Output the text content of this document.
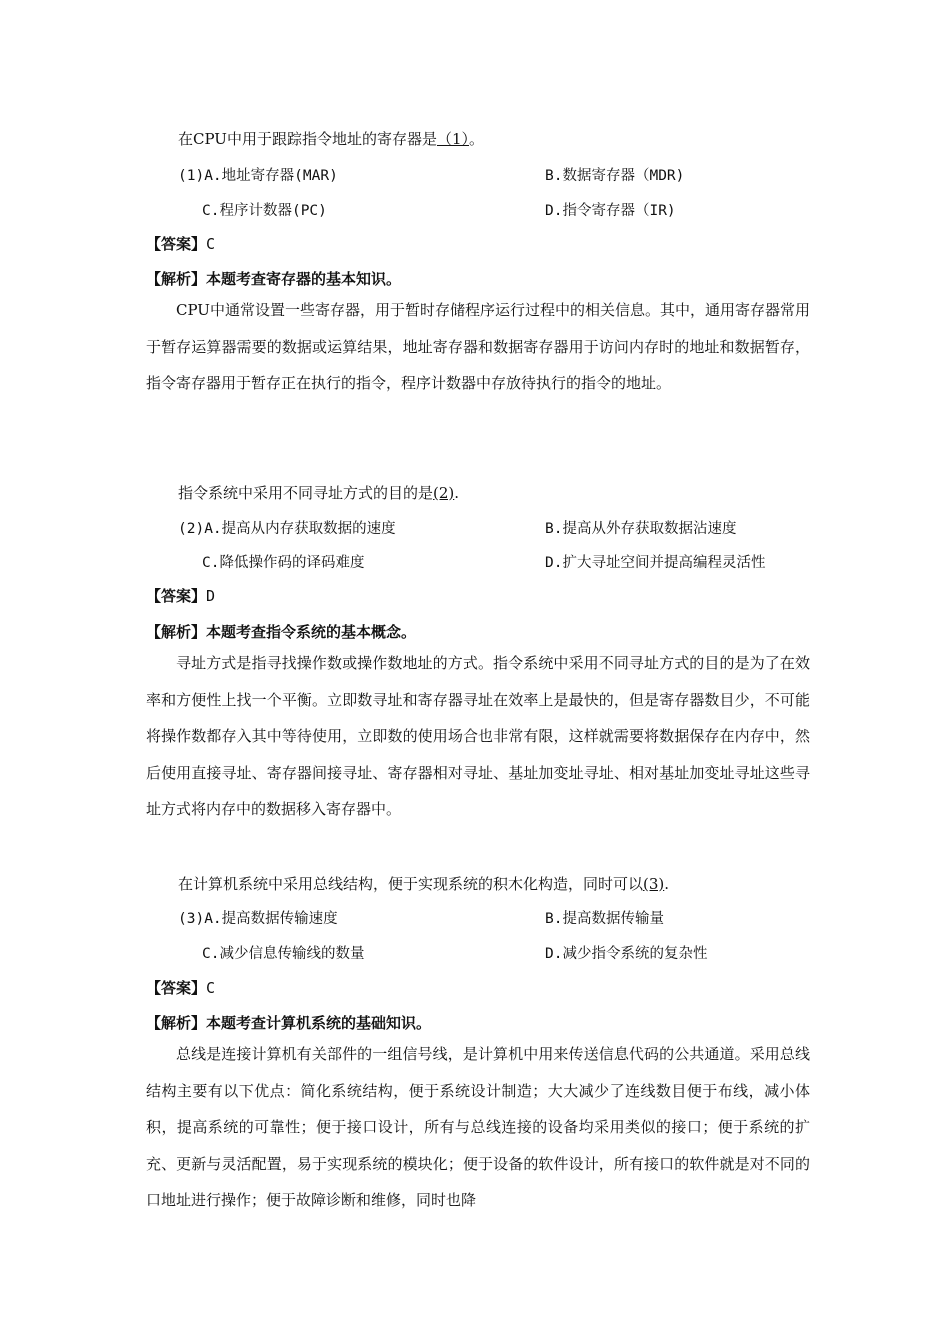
在CPU中用于跟踪指令地址的寄存器是（1）。
(1)A.地址寄存器(MAR)	B.数据寄存器（MDR)
C.程序计数器(PC)	D.指令寄存器（IR)
【答案】C
【解析】本题考查寄存器的基本知识。

CPU中通常设置一些寄存器，用于暂时存储程序运行过程中的相关信息。其中，通用寄存器常用于暂存运算器需要的数据或运算结果，地址寄存器和数据寄存器用于访问内存时的地址和数据暂存，指令寄存器用于暂存正在执行的指令，程序计数器中存放待执行的指令的地址。

指令系统中采用不同寻址方式的目的是(2).
(2)A.提高从内存获取数据的速度	B.提高从外存获取数据沾速度
C.降低操作码的译码难度	D.扩大寻址空间并提高编程灵活性
【答案】D
【解析】本题考查指令系统的基本概念。

寻址方式是指寻找操作数或操作数地址的方式。指令系统中采用不同寻址方式的目的是为了在效率和方便性上找一个平衡。立即数寻址和寄存器寻址在效率上是最快的，但是寄存器数目少，不可能将操作数都存入其中等待使用，立即数的使用场合也非常有限，这样就需要将数据保存在内存中，然后使用直接寻址、寄存器间接寻址、寄存器相对寻址、基址加变址寻址、相对基址加变址寻址这些寻址方式将内存中的数据移入寄存器中。

在计算机系统中采用总线结构，便于实现系统的积木化构造，同时可以(3).
(3)A.提高数据传输速度	B.提高数据传输量
C.减少信息传输线的数量	D.减少指令系统的复杂性
【答案】C
【解析】本题考查计算机系统的基础知识。

总线是连接计算机有关部件的一组信号线，是计算机中用来传送信息代码的公共通道。采用总线结构主要有以下优点：简化系统结构，便于系统设计制造；大大减少了连线数目便于布线，减小体积，提高系统的可靠性；便于接口设计，所有与总线连接的设备均采用类似的接口；便于系统的扩充、更新与灵活配置，易于实现系统的模块化；便于设备的软件设计，所有接口的软件就是对不同的口地址进行操作；便于故障诊断和维修，同时也降
